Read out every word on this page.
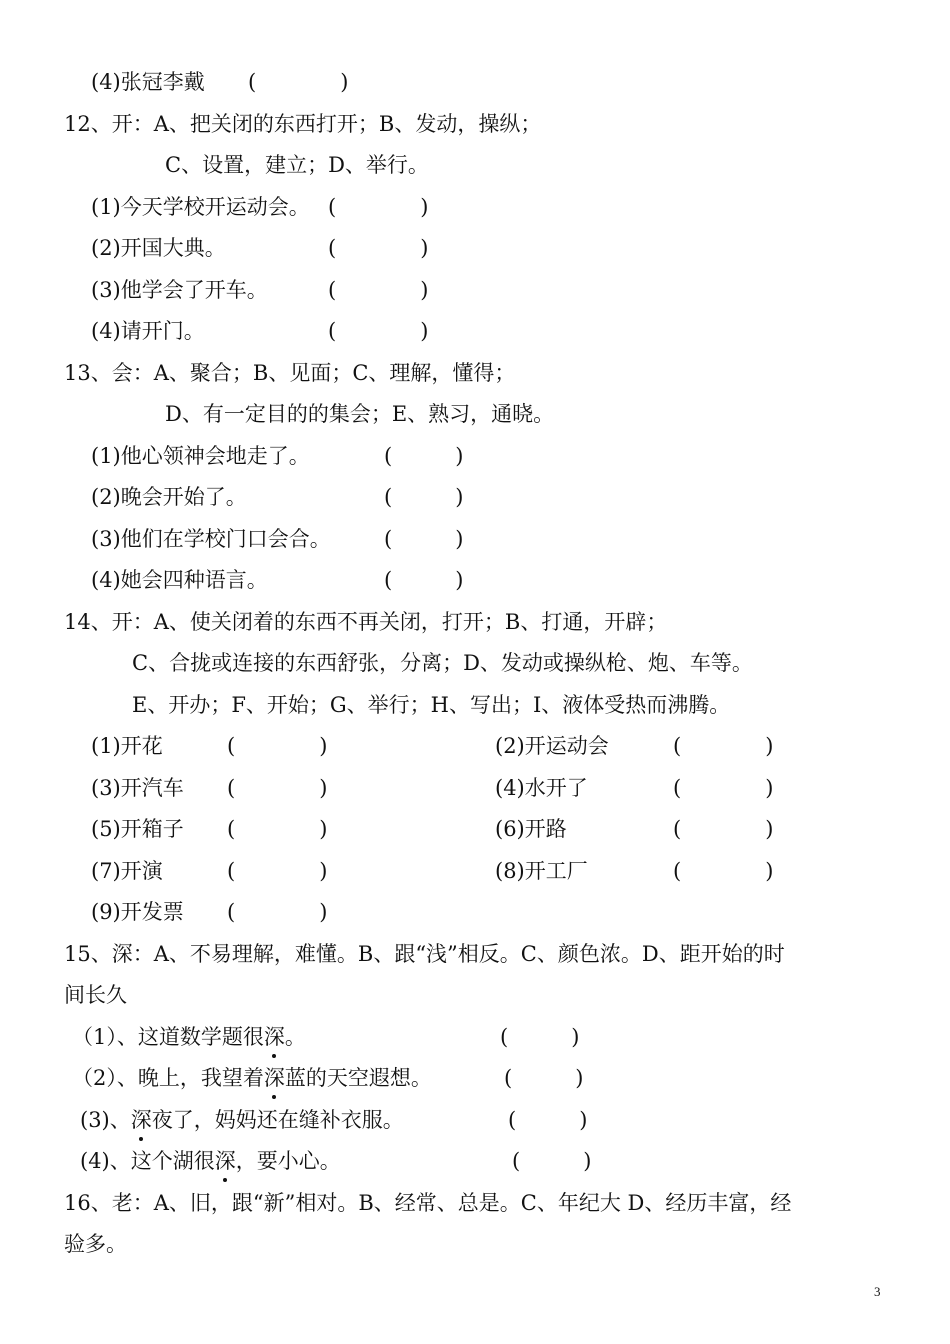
(4)张冠李戴 (　　　　)
12、开：A、把关闭的东西打开；B、发动，操纵；
C、设置，建立；D、举行。
(1)今天学校开运动会。 (　　　　)
(2)开国大典。	(　　　　)
(3)他学会了开车。	(　　　　)
(4)请开门。	(　　　　)
13、会：A、聚合；B、见面；C、理解，懂得；
D、有一定目的的集会；E、熟习，通晓。
(1)他心领神会地走了。	(　　　)
(2)晚会开始了。	(　　　)
(3)他们在学校门口会合。	(　　　)
(4)她会四种语言。	(　　　)
14、开：A、使关闭着的东西不再关闭，打开；B、打通，开辟；
C、合拢或连接的东西舒张，分离；D、发动或操纵枪、炮、车等。
E、开办；F、开始；G、举行；H、写出；I、液体受热而沸腾。
(1)开花	(　　　　)	(2)开运动会	(　　　　)
(3)开汽车 (　　　　)	(4)水开了	(　　　　)
(5)开箱子 (　　　　)	(6)开路	(　　　　)
(7)开演	(　　　　)	(8)开工厂	(　　　　)
(9)开发票 (　　　　)
15、深：A、不易理解，难懂。B、跟“浅”相反。C、颜色浓。D、距开始的时
间长久
（1）、这道数学题很深。	(　　　)
（2）、晚上，我望着深蓝的天空遐想。	(　　　)
(3)、深夜了，妈妈还在缝补衣服。	(　　　)
(4)、这个湖很深，要小心。	(　　　)
16、老：A、旧，跟“新”相对。B、经常、总是。C、年纪大 D、经历丰富，经
验多。
3
